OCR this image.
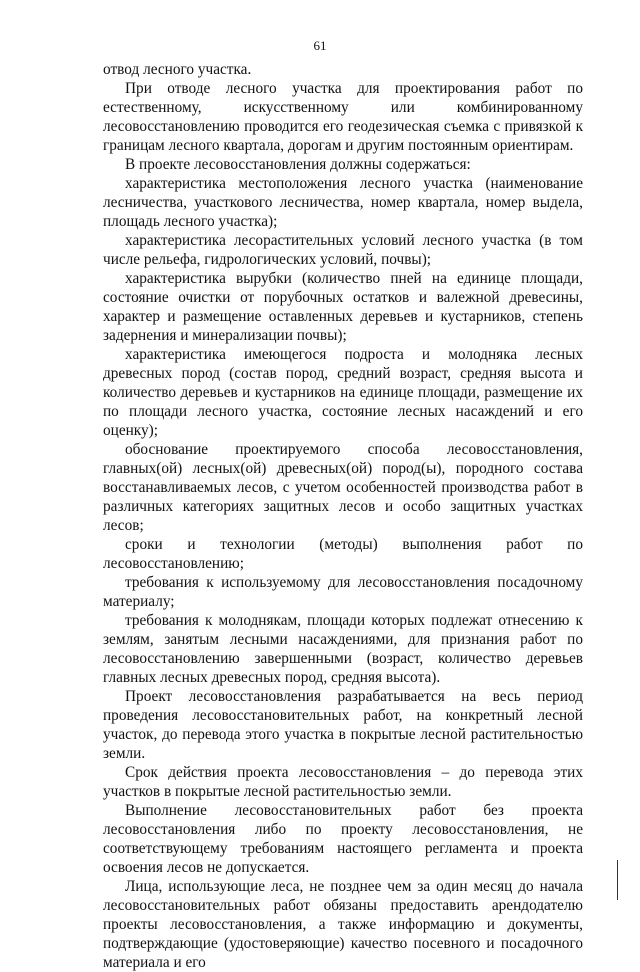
61

отвод лесного участка.

При отводе лесного участка для проектирования работ по естественному, искусственному или комбинированному лесовосстановлению проводится его геодезическая съемка с привязкой к границам лесного квартала, дорогам и другим постоянным ориентирам.

В проекте лесовосстановления должны содержаться:

характеристика местоположения лесного участка (наименование лесничества, участкового лесничества, номер квартала, номер выдела, площадь лесного участка);

характеристика лесорастительных условий лесного участка (в том числе рельефа, гидрологических условий, почвы);

характеристика вырубки (количество пней на единице площади, состояние очистки от порубочных остатков и валежной древесины, характер и размещение оставленных деревьев и кустарников, степень задернения и минерализации почвы);

характеристика имеющегося подроста и молодняка лесных древесных пород (состав пород, средний возраст, средняя высота и количество деревьев и кустарников на единице площади, размещение их по площади лесного участка, состояние лесных насаждений и его оценку);

обоснование проектируемого способа лесовосстановления, главных(ой) лесных(ой) древесных(ой) пород(ы), породного состава восстанавливаемых лесов, с учетом особенностей производства работ в различных категориях защитных лесов и особо защитных участках лесов;

сроки и технологии (методы) выполнения работ по лесовосстановлению;

требования к используемому для лесовосстановления посадочному материалу;

требования к молоднякам, площади которых подлежат отнесению к землям, занятым лесными насаждениями, для признания работ по лесовосстановлению завершенными (возраст, количество деревьев главных лесных древесных пород, средняя высота).

Проект лесовосстановления разрабатывается на весь период проведения лесовосстановительных работ, на конкретный лесной участок, до перевода этого участка в покрытые лесной растительностью земли.

Срок действия проекта лесовосстановления – до перевода этих участков в покрытые лесной растительностью земли.

Выполнение лесовосстановительных работ без проекта лесовосстановления либо по проекту лесовосстановления, не соответствующему требованиям настоящего регламента и проекта освоения лесов не допускается.

Лица, использующие леса, не позднее чем за один месяц до начала лесовосстановительных работ обязаны предоставить арендодателю проекты лесовосстановления, а также информацию и документы, подтверждающие (удостоверяющие) качество посевного и посадочного материала и его
